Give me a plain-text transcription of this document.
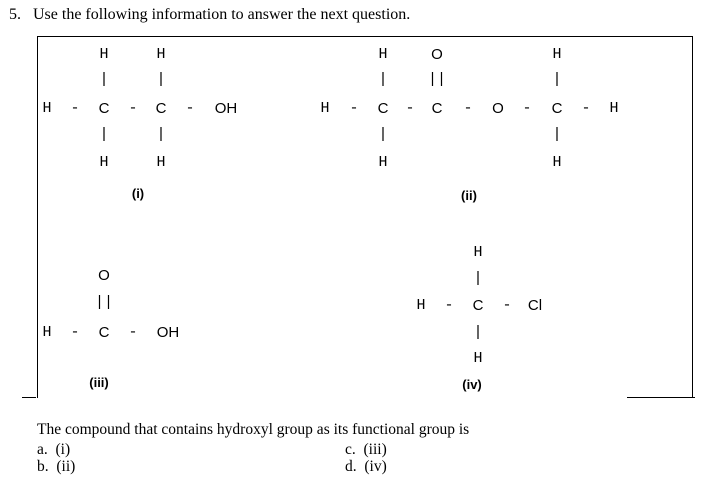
5. Use the following information to answer the next question.
H	H
|	|
H	-	C	-	C	-	OH
|	|
H	H
(i)
H	O	H
|	||	|
H	-	C	-	C	-	O	-	C	-	H
|	|
H	H
(ii)
O
||
H	-	C	-	OH
(iii)
H
|
H	-	C	-	Cl
|
H
(iv)
The compound that contains hydroxyl group as its functional group is
a. (i)
b. (ii)
c. (iii)
d. (iv)
